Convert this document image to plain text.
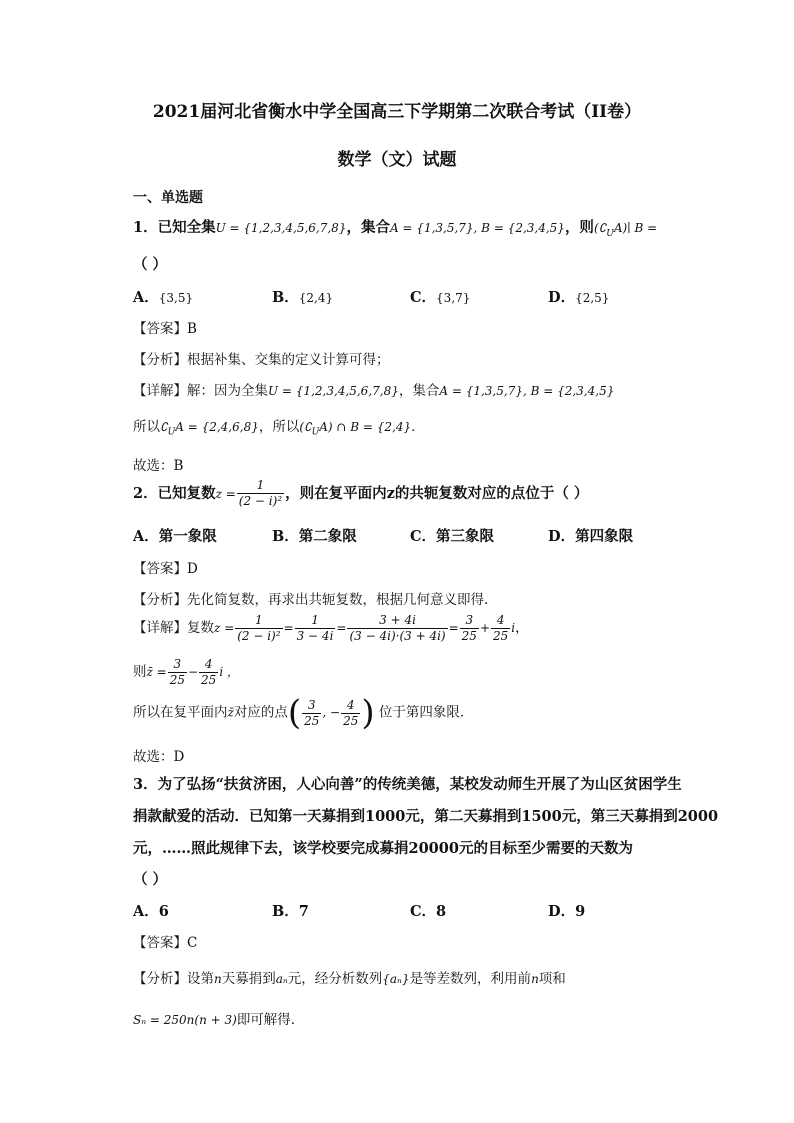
2021届河北省衡水中学全国高三下学期第二次联合考试（II卷）
数学（文）试题
一、单选题
1．已知全集U = {1,2,3,4,5,6,7,8}，集合A = {1,3,5,7}, B = {2,3,4,5}，则$(∁_UA)∣$ B =
（ ）
A．{3,5}	B．{2,4}	C．{3,7}	D．{2,5}
【答案】B
【分析】根据补集、交集的定义计算可得；
【详解】解：因为全集U = {1,2,3,4,5,6,7,8}，集合A = {1,3,5,7}, B = {2,3,4,5}
所以$∁_UA = \{2,4,6,8\}$，所以$(∁_UA)$ ∩ B = {2,4}．
故选：B
2．已知复数$z = \frac{1}{\text{(2 − i)²}}$ ，则在复平面内z的共轭复数对应的点位于（ ）
A．第一象限	B．第二象限	C．第三象限	D．第四象限
【答案】D
【分析】先化简复数，再求出共轭复数，根据几何意义即得.
【详解】复数$z = \frac{1}{\text{(2 − i)²}} = \frac{1}{3 - 4i} = \frac{3 + 4i}{(3 - 4i)\cdot(3 + 4i)} = \frac{3}{25} + \frac{4}{25}$ i，
则z̄ = $\frac{3}{25} - \frac{4}{25}$ i ，
所以在复平面内z̄对应的点( $\frac{3}{25}$ , − $\frac{4}{25}$ ) 位于第四象限．
故选：D
3．为了弘扬“扶贫济困，人心向善”的传统美德，某校发动师生开展了为山区贫困学生
捐款献爱的活动．已知第一天募捐到1000元，第二天募捐到1500元，第三天募捐到2000
元，……照此规律下去，该学校要完成募捐20000元的目标至少需要的天数为
（ ）
A．6	B．7	C．8	D．9
【答案】C
【分析】设第n天募捐到aₙ元，经分析数列{aₙ}是等差数列，利用前n项和
Sₙ = 250n(n + 3)即可解得．
